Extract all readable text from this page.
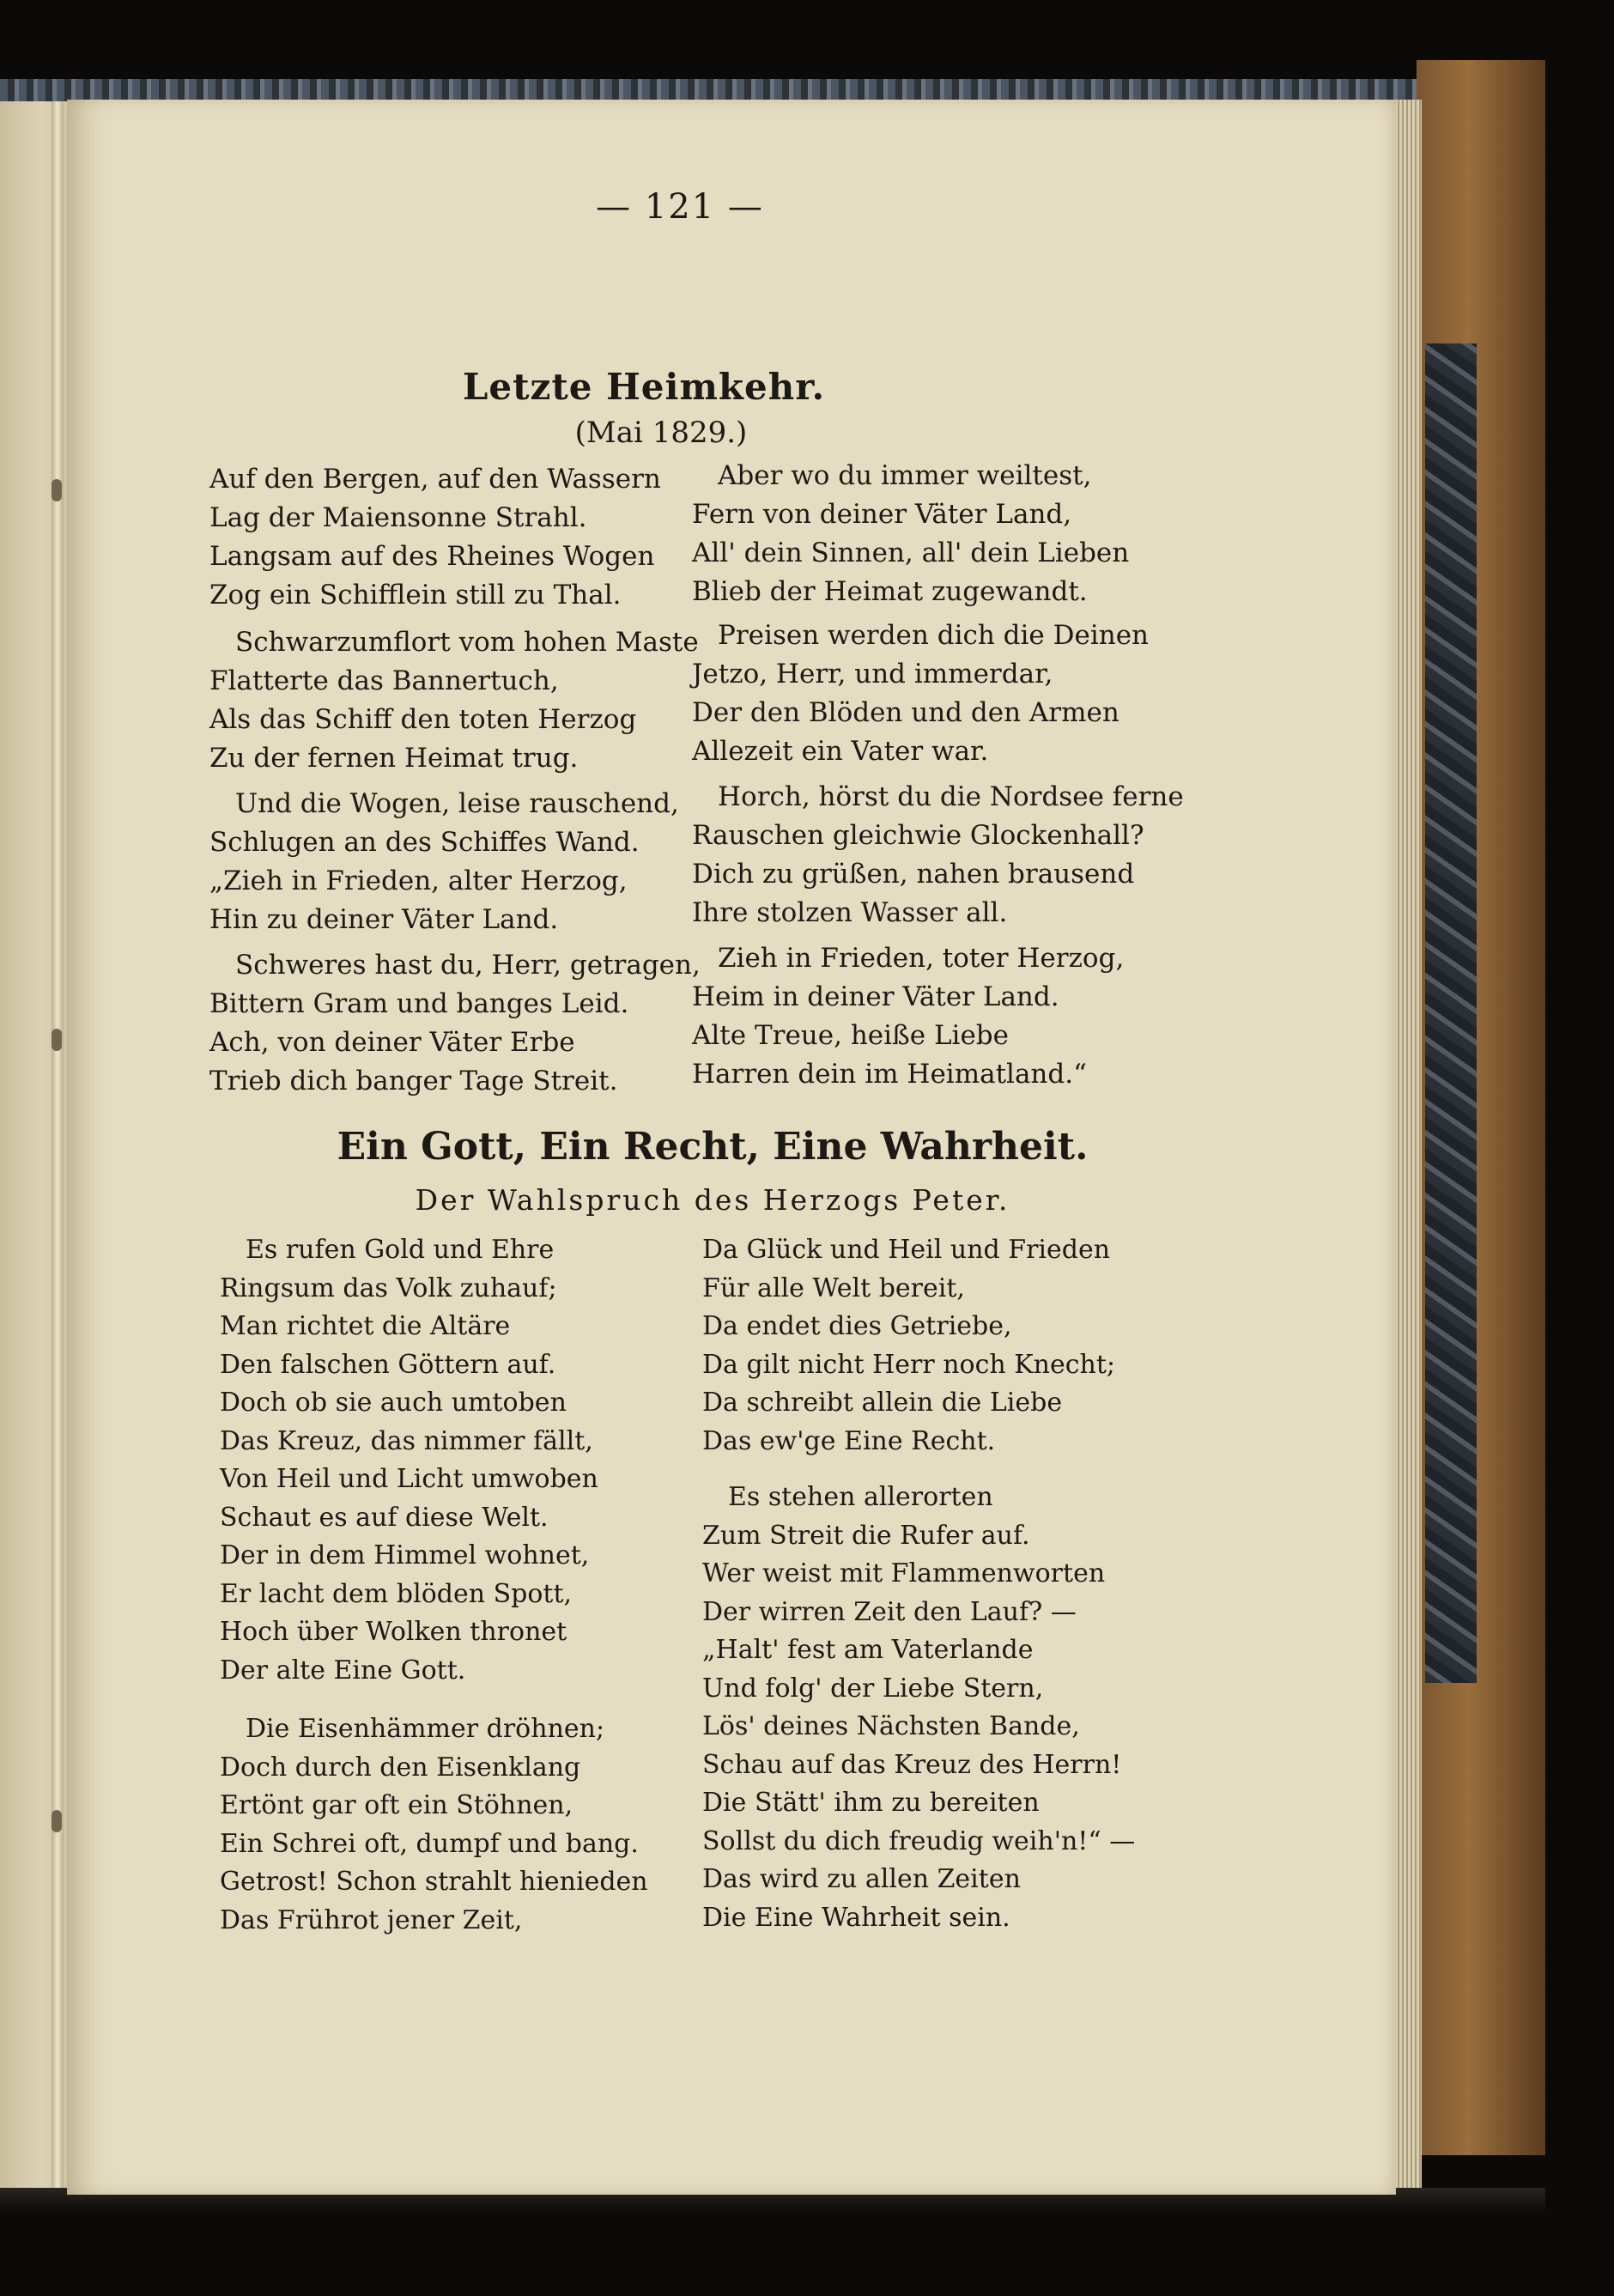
— 121 —
Letzte Heimkehr.
(Mai 1829.)
Auf den Bergen, auf den Wassern
Lag der Maiensonne Strahl.
Langsam auf des Rheines Wogen
Zog ein Schifflein still zu Thal.
Schwarzumflort vom hohen Maste
Flatterte das Bannertuch,
Als das Schiff den toten Herzog
Zu der fernen Heimat trug.
Und die Wogen, leise rauschend,
Schlugen an des Schiffes Wand.
„Zieh in Frieden, alter Herzog,
Hin zu deiner Väter Land.
Schweres hast du, Herr, getragen,
Bittern Gram und banges Leid.
Ach, von deiner Väter Erbe
Trieb dich banger Tage Streit.
Aber wo du immer weiltest,
Fern von deiner Väter Land,
All' dein Sinnen, all' dein Lieben
Blieb der Heimat zugewandt.
Preisen werden dich die Deinen
Jetzo, Herr, und immerdar,
Der den Blöden und den Armen
Allezeit ein Vater war.
Horch, hörst du die Nordsee ferne
Rauschen gleichwie Glockenhall?
Dich zu grüßen, nahen brausend
Ihre stolzen Wasser all.
Zieh in Frieden, toter Herzog,
Heim in deiner Väter Land.
Alte Treue, heiße Liebe
Harren dein im Heimatland.“
Ein Gott, Ein Recht, Eine Wahrheit.
Der Wahlspruch des Herzogs Peter.
Es rufen Gold und Ehre
Ringsum das Volk zuhauf;
Man richtet die Altäre
Den falschen Göttern auf.
Doch ob sie auch umtoben
Das Kreuz, das nimmer fällt,
Von Heil und Licht umwoben
Schaut es auf diese Welt.
Der in dem Himmel wohnet,
Er lacht dem blöden Spott,
Hoch über Wolken thronet
Der alte Eine Gott.
Die Eisenhämmer dröhnen;
Doch durch den Eisenklang
Ertönt gar oft ein Stöhnen,
Ein Schrei oft, dumpf und bang.
Getrost! Schon strahlt hienieden
Das Frührot jener Zeit,
Da Glück und Heil und Frieden
Für alle Welt bereit,
Da endet dies Getriebe,
Da gilt nicht Herr noch Knecht;
Da schreibt allein die Liebe
Das ew'ge Eine Recht.
Es stehen allerorten
Zum Streit die Rufer auf.
Wer weist mit Flammenworten
Der wirren Zeit den Lauf? —
„Halt' fest am Vaterlande
Und folg' der Liebe Stern,
Lös' deines Nächsten Bande,
Schau auf das Kreuz des Herrn!
Die Stätt' ihm zu bereiten
Sollst du dich freudig weih'n!“ —
Das wird zu allen Zeiten
Die Eine Wahrheit sein.
